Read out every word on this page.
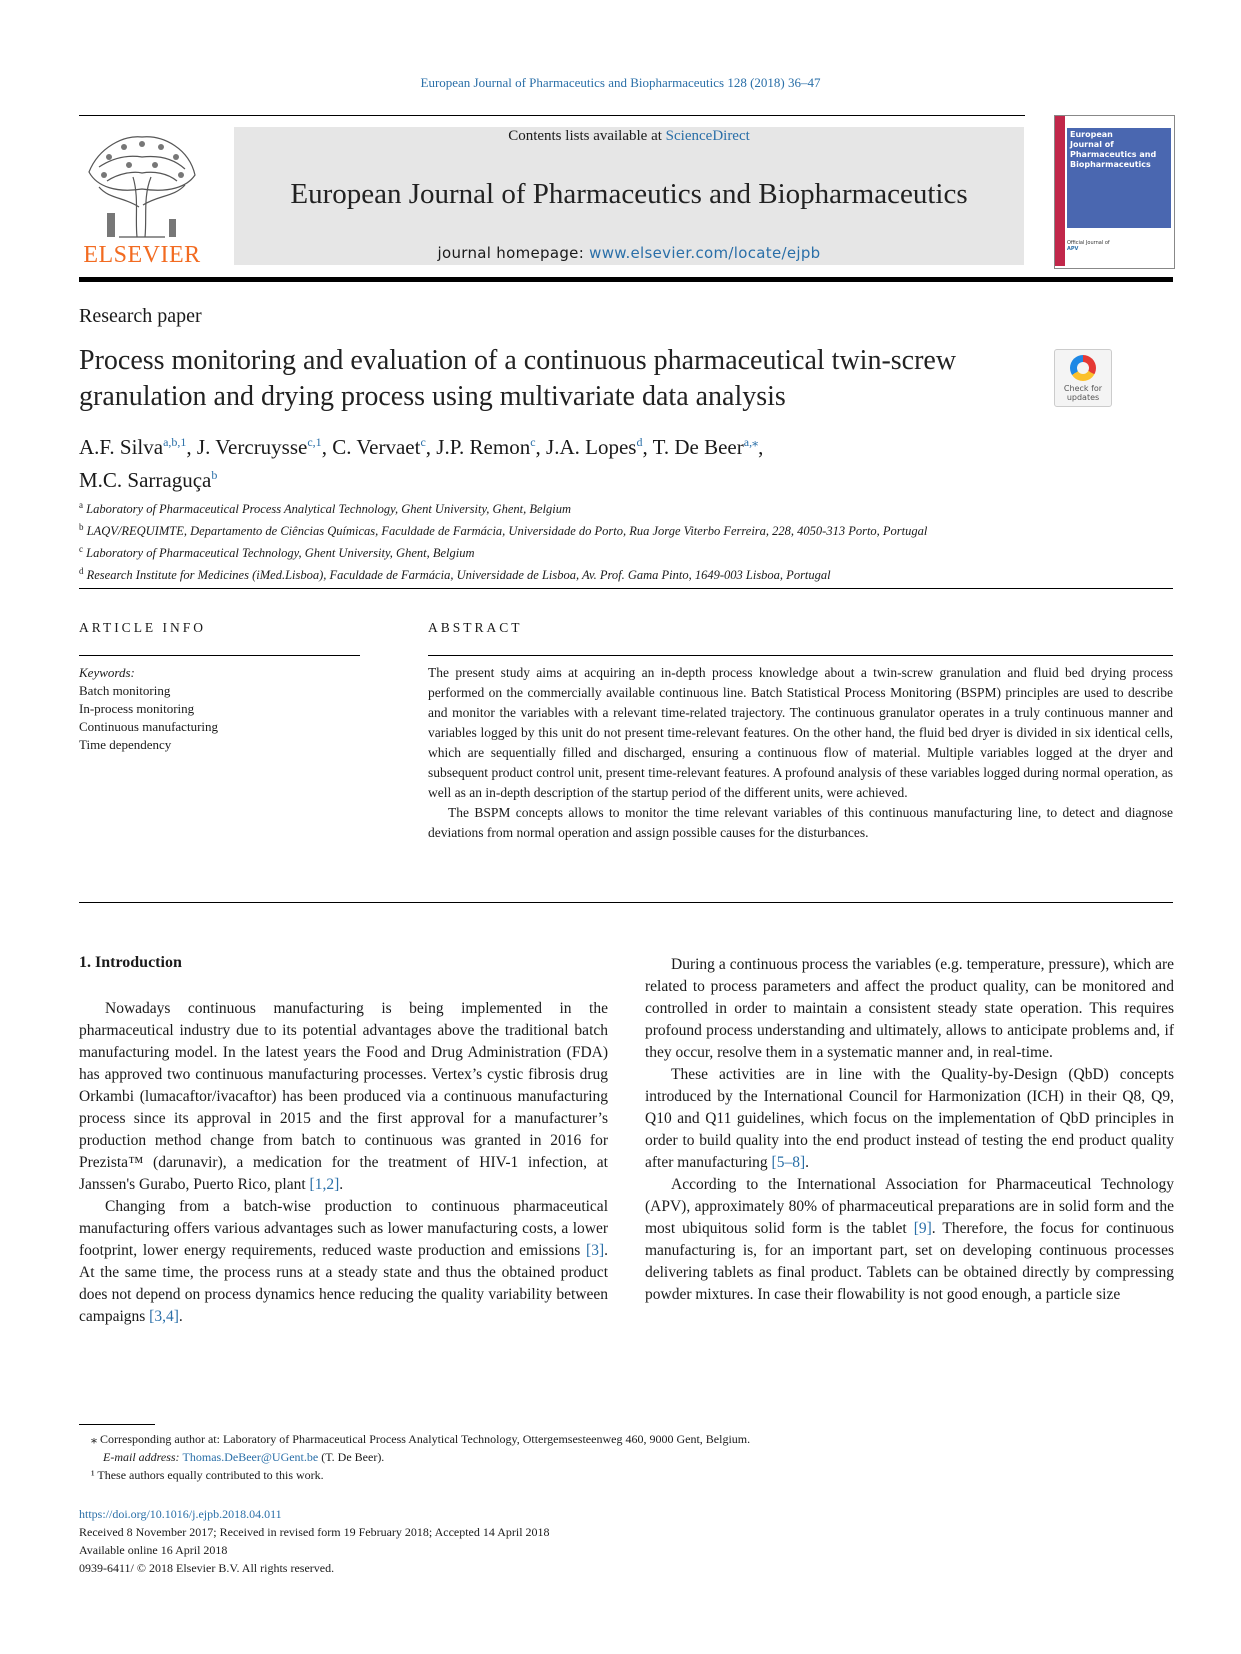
European Journal of Pharmaceutics and Biopharmaceutics 128 (2018) 36–47
ELSEVIER
Contents lists available at ScienceDirect
European Journal of Pharmaceutics and Biopharmaceutics
journal homepage: www.elsevier.com/locate/ejpb
European
Journal of
Pharmaceutics and
Biopharmaceutics
Official Journal of
APV
Research paper
Process monitoring and evaluation of a continuous pharmaceutical twin-screw granulation and drying process using multivariate data analysis	Check for updates
A.F. Silva$^{a,b,1}$, J. Vercruysse$^{c,1}$, C. Vervaet$^c$, J.P. Remon$^c$, J.A. Lopes$^d$, T. De Beer$^{a,⁎}$,
M.C. Sarraguça$^b$
$^a$ Laboratory of Pharmaceutical Process Analytical Technology, Ghent University, Ghent, Belgium
$^b$ LAQV/REQUIMTE, Departamento de Ciências Químicas, Faculdade de Farmácia, Universidade do Porto, Rua Jorge Viterbo Ferreira, 228, 4050-313 Porto, Portugal
$^c$ Laboratory of Pharmaceutical Technology, Ghent University, Ghent, Belgium
$^d$ Research Institute for Medicines (iMed.Lisboa), Faculdade de Farmácia, Universidade de Lisboa, Av. Prof. Gama Pinto, 1649-003 Lisboa, Portugal
ARTICLE INFO	ABSTRACT
Keywords:
Batch monitoring
In-process monitoring
Continuous manufacturing
Time dependency

The present study aims at acquiring an in-depth process knowledge about a twin-screw granulation and fluid bed drying process performed on the commercially available continuous line. Batch Statistical Process Monitoring (BSPM) principles are used to describe and monitor the variables with a relevant time-related trajectory. The continuous granulator operates in a truly continuous manner and variables logged by this unit do not present time-relevant features. On the other hand, the fluid bed dryer is divided in six identical cells, which are sequentially filled and discharged, ensuring a continuous flow of material. Multiple variables logged at the dryer and subsequent product control unit, present time-relevant features. A profound analysis of these variables logged during normal operation, as well as an in-depth description of the startup period of the different units, were achieved.

The BSPM concepts allows to monitor the time relevant variables of this continuous manufacturing line, to detect and diagnose deviations from normal operation and assign possible causes for the disturbances.

1. Introduction

Nowadays continuous manufacturing is being implemented in the pharmaceutical industry due to its potential advantages above the traditional batch manufacturing model. In the latest years the Food and Drug Administration (FDA) has approved two continuous manufacturing processes. Vertex’s cystic fibrosis drug Orkambi (lumacaftor/ivacaftor) has been produced via a continuous manufacturing process since its approval in 2015 and the first approval for a manufacturer’s production method change from batch to continuous was granted in 2016 for Prezista™ (darunavir), a medication for the treatment of HIV-1 infection, at Janssen's Gurabo, Puerto Rico, plant [1,2].

Changing from a batch-wise production to continuous pharmaceutical manufacturing offers various advantages such as lower manufacturing costs, a lower footprint, lower energy requirements, reduced waste production and emissions [3]. At the same time, the process runs at a steady state and thus the obtained product does not depend on process dynamics hence reducing the quality variability between campaigns [3,4].

During a continuous process the variables (e.g. temperature, pressure), which are related to process parameters and affect the product quality, can be monitored and controlled in order to maintain a consistent steady state operation. This requires profound process understanding and ultimately, allows to anticipate problems and, if they occur, resolve them in a systematic manner and, in real-time.

These activities are in line with the Quality-by-Design (QbD) concepts introduced by the International Council for Harmonization (ICH) in their Q8, Q9, Q10 and Q11 guidelines, which focus on the implementation of QbD principles in order to build quality into the end product instead of testing the end product quality after manufacturing [5–8].

According to the International Association for Pharmaceutical Technology (APV), approximately 80% of pharmaceutical preparations are in solid form and the most ubiquitous solid form is the tablet [9]. Therefore, the focus for continuous manufacturing is, for an important part, set on developing continuous processes delivering tablets as final product. Tablets can be obtained directly by compressing powder mixtures. In case their flowability is not good enough, a particle size

⁎ Corresponding author at: Laboratory of Pharmaceutical Process Analytical Technology, Ottergemsesteenweg 460, 9000 Gent, Belgium.
E-mail address: Thomas.DeBeer@UGent.be (T. De Beer).
¹ These authors equally contributed to this work.
https://doi.org/10.1016/j.ejpb.2018.04.011
Received 8 November 2017; Received in revised form 19 February 2018; Accepted 14 April 2018
Available online 16 April 2018
0939-6411/ © 2018 Elsevier B.V. All rights reserved.
